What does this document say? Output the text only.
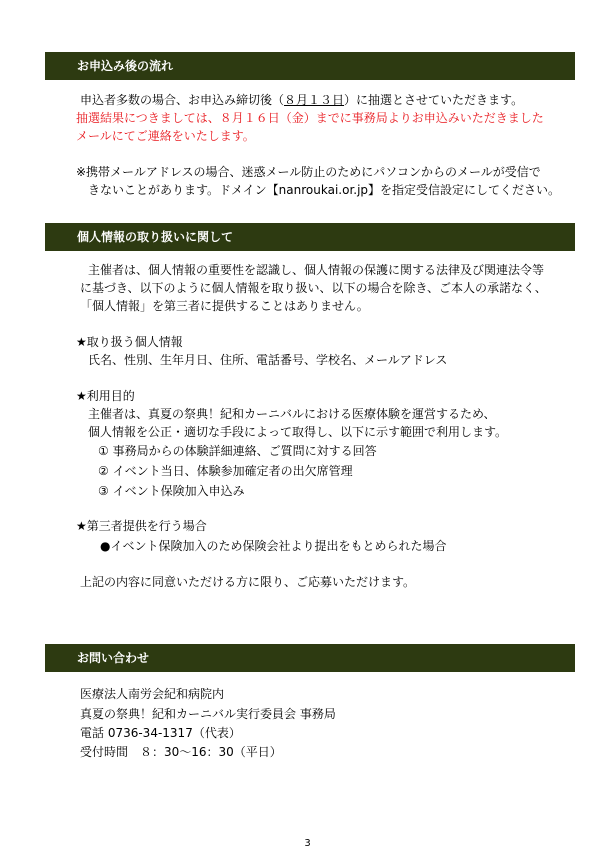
お申込み後の流れ
申込者多数の場合、お申込み締切後（８月１３日）に抽選とさせていただきます。
抽選結果につきましては、８月１６日（金）までに事務局よりお申込みいただきました
メールにてご連絡をいたします。
※携帯メールアドレスの場合、迷惑メール防止のためにパソコンからのメールが受信で
きないことがあります。ドメイン【nanroukai.or.jp】を指定受信設定にしてください。
個人情報の取り扱いに関して
主催者は、個人情報の重要性を認識し、個人情報の保護に関する法律及び関連法令等
に基づき、以下のように個人情報を取り扱い、以下の場合を除き、ご本人の承諾なく、
「個人情報」を第三者に提供することはありません。
★取り扱う個人情報
氏名、性別、生年月日、住所、電話番号、学校名、メールアドレス
★利用目的
主催者は、真夏の祭典！紀和カーニバルにおける医療体験を運営するため、
個人情報を公正・適切な手段によって取得し、以下に示す範囲で利用します。
① 事務局からの体験詳細連絡、ご質問に対する回答
② イベント当日、体験参加確定者の出欠席管理
③ イベント保険加入申込み
★第三者提供を行う場合
●イベント保険加入のため保険会社より提出をもとめられた場合
上記の内容に同意いただける方に限り、ご応募いただけます。
お問い合わせ
医療法人南労会紀和病院内
真夏の祭典！紀和カーニバル実行委員会 事務局
電話 0736-34-1317（代表）
受付時間　８：30～16：30（平日）
3
